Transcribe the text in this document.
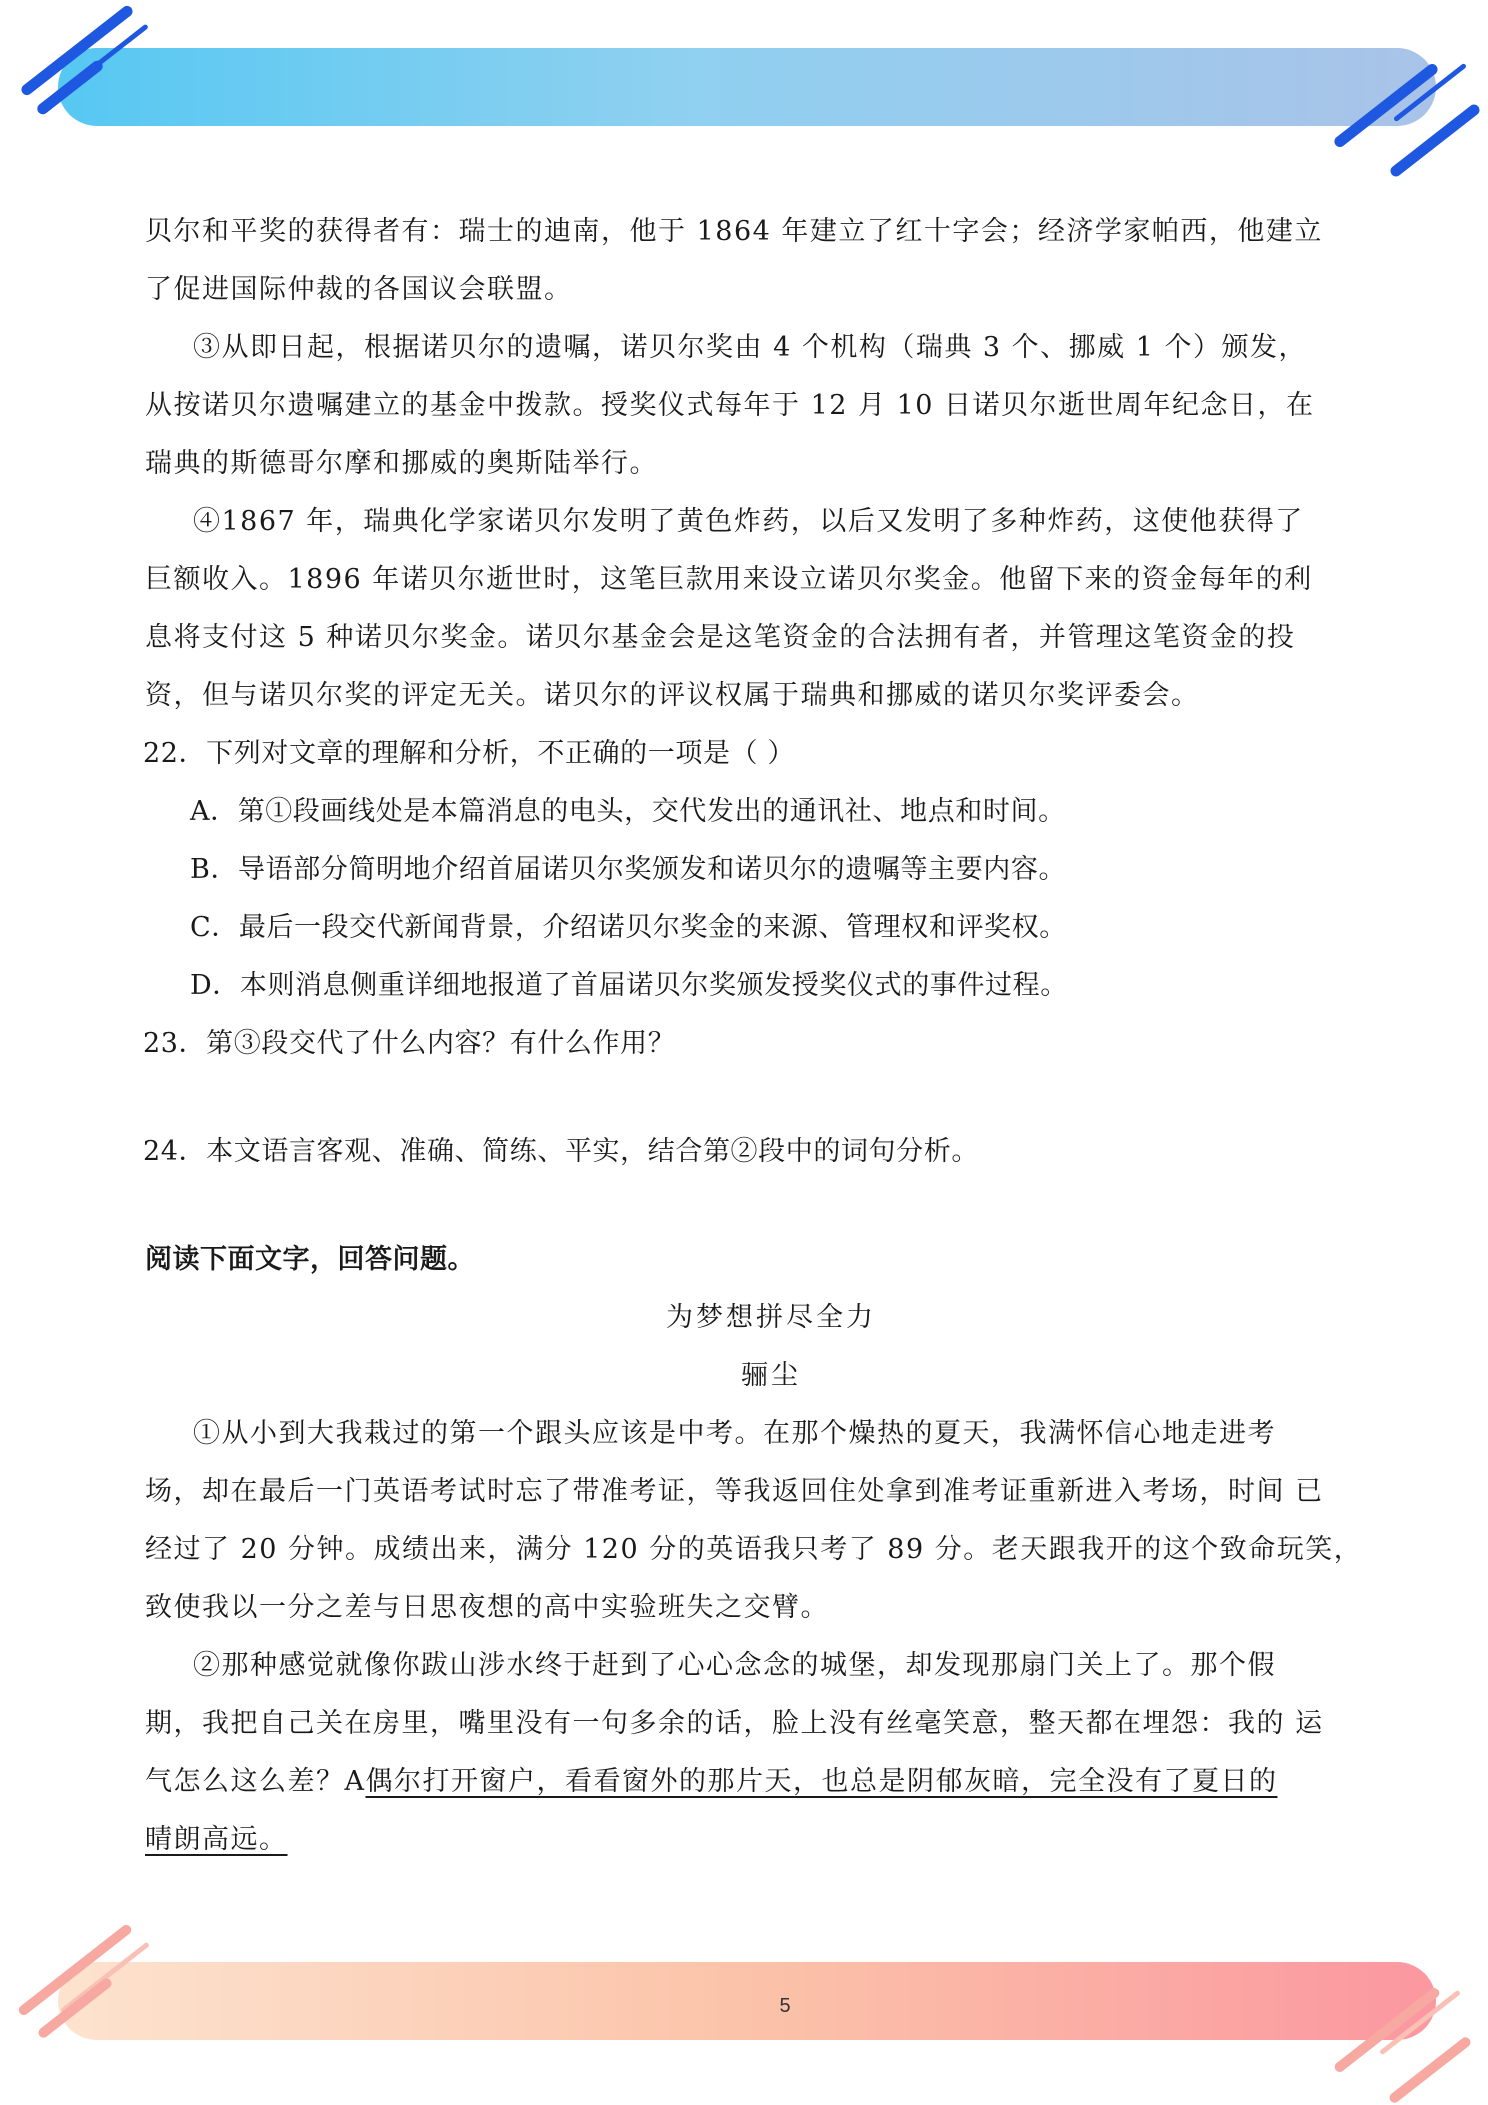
贝尔和平奖的获得者有：瑞士的迪南，他于 1864 年建立了红十字会；经济学家帕西，他建立
了促进国际仲裁的各国议会联盟。
③从即日起，根据诺贝尔的遗嘱，诺贝尔奖由 4 个机构（瑞典 3 个、挪威 1 个）颁发，
从按诺贝尔遗嘱建立的基金中拨款。授奖仪式每年于 12 月 10 日诺贝尔逝世周年纪念日，在
瑞典的斯德哥尔摩和挪威的奥斯陆举行。
④1867 年，瑞典化学家诺贝尔发明了黄色炸药，以后又发明了多种炸药，这使他获得了
巨额收入。1896 年诺贝尔逝世时，这笔巨款用来设立诺贝尔奖金。他留下来的资金每年的利
息将支付这 5 种诺贝尔奖金。诺贝尔基金会是这笔资金的合法拥有者，并管理这笔资金的投
资，但与诺贝尔奖的评定无关。诺贝尔的评议权属于瑞典和挪威的诺贝尔奖评委会。
22．下列对文章的理解和分析，不正确的一项是（ ）
A．第①段画线处是本篇消息的电头，交代发出的通讯社、地点和时间。
B．导语部分简明地介绍首届诺贝尔奖颁发和诺贝尔的遗嘱等主要内容。
C．最后一段交代新闻背景，介绍诺贝尔奖金的来源、管理权和评奖权。
D．本则消息侧重详细地报道了首届诺贝尔奖颁发授奖仪式的事件过程。
23．第③段交代了什么内容？有什么作用？
24．本文语言客观、准确、简练、平实，结合第②段中的词句分析。
阅读下面文字，回答问题。
为梦想拼尽全力
骊尘
①从小到大我栽过的第一个跟头应该是中考。在那个燥热的夏天，我满怀信心地走进考
场，却在最后一门英语考试时忘了带准考证，等我返回住处拿到准考证重新进入考场，时间 已
经过了 20 分钟。成绩出来，满分 120 分的英语我只考了 89 分。老天跟我开的这个致命玩笑，
致使我以一分之差与日思夜想的高中实验班失之交臂。
②那种感觉就像你跋山涉水终于赶到了心心念念的城堡，却发现那扇门关上了。那个假
期，我把自己关在房里，嘴里没有一句多余的话，脸上没有丝毫笑意，整天都在埋怨：我的 运
气怎么这么差？A偶尔打开窗户，看看窗外的那片天，也总是阴郁灰暗，完全没有了夏日的
晴朗高远。
5
